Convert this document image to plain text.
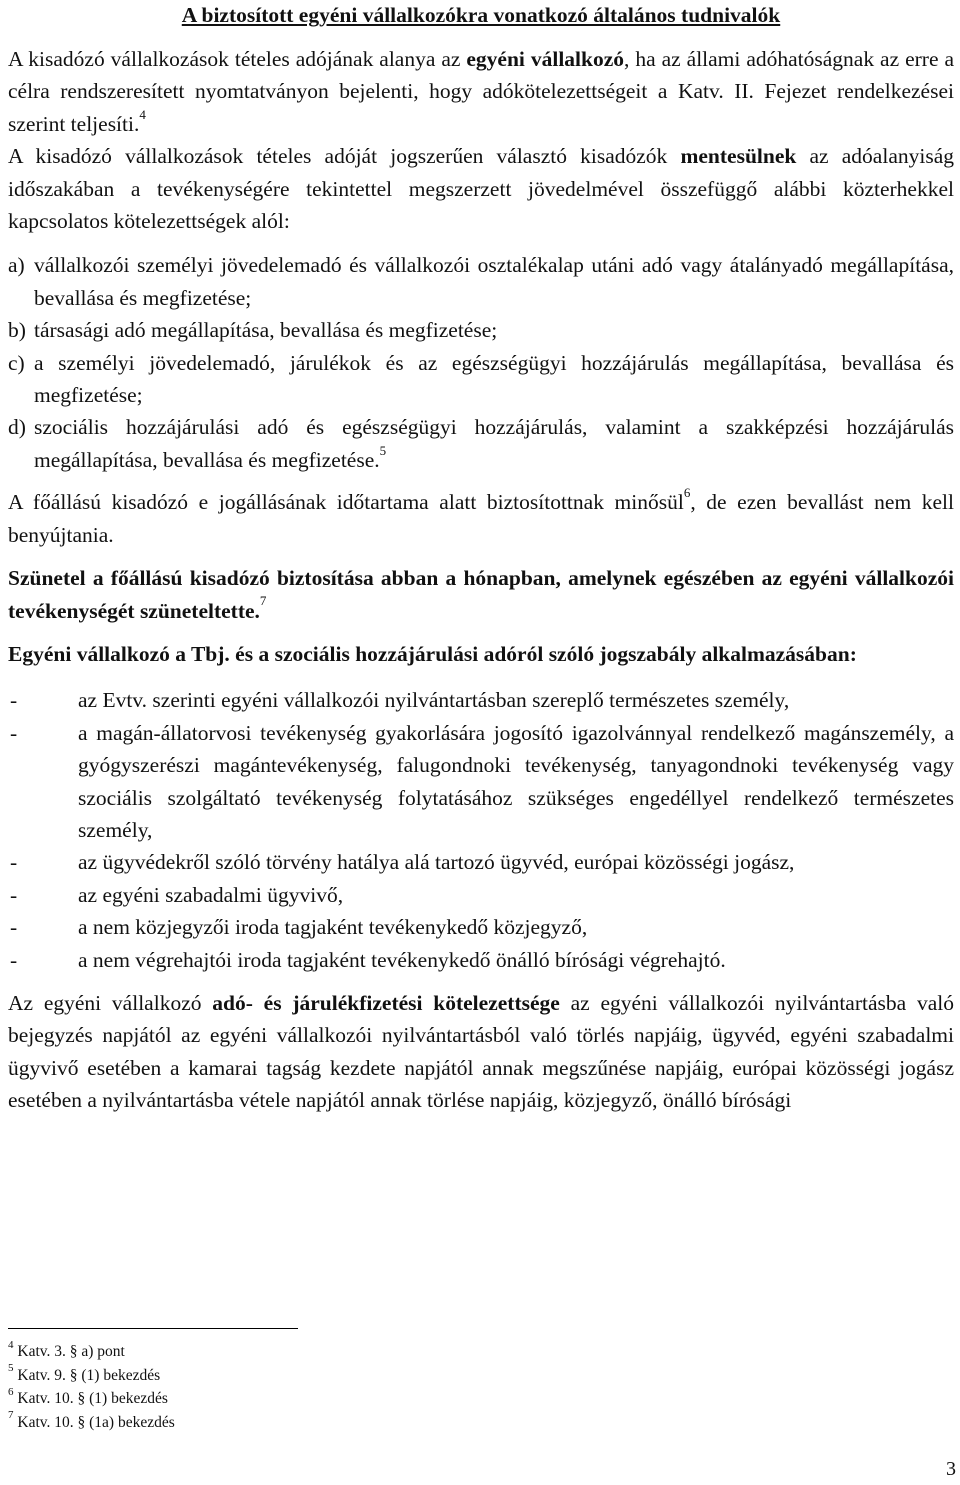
A biztosított egyéni vállalkozókra vonatkozó általános tudnivalók

A kisadózó vállalkozások tételes adójának alanya az egyéni vállalkozó, ha az állami adóhatóságnak az erre a célra rendszeresített nyomtatványon bejelenti, hogy adókötelezettségeit a Katv. II. Fejezet rendelkezései szerint teljesíti.$^4$

A kisadózó vállalkozások tételes adóját jogszerűen választó kisadózók mentesülnek az adóalanyiság időszakában a tevékenységére tekintettel megszerzett jövedelmével összefüggő alábbi közterhekkel kapcsolatos kötelezettségek alól:

a) vállalkozói személyi jövedelemadó és vállalkozói osztalékalap utáni adó vagy átalányadó megállapítása, bevallása és megfizetése;
b) társasági adó megállapítása, bevallása és megfizetése;
c) a személyi jövedelemadó, járulékok és az egészségügyi hozzájárulás megállapítása, bevallása és megfizetése;
d) szociális hozzájárulási adó és egészségügyi hozzájárulás, valamint a szakképzési hozzájárulás megállapítása, bevallása és megfizetése.$^5$

A főállású kisadózó e jogállásának időtartama alatt biztosítottnak minősül$^6$, de ezen bevallást nem kell benyújtania.

Szünetel a főállású kisadózó biztosítása abban a hónapban, amelynek egészében az egyéni vállalkozói tevékenységét szüneteltette.$^7$

Egyéni vállalkozó a Tbj. és a szociális hozzájárulási adóról szóló jogszabály alkalmazásában:

-	az Evtv. szerinti egyéni vállalkozói nyilvántartásban szereplő természetes személy,
-	a magán-állatorvosi tevékenység gyakorlására jogosító igazolvánnyal rendelkező magánszemély, a gyógyszerészi magántevékenység, falugondnoki tevékenység, tanyagondnoki tevékenység vagy szociális szolgáltató tevékenység folytatásához szükséges engedéllyel rendelkező természetes személy,
-	az ügyvédekről szóló törvény hatálya alá tartozó ügyvéd, európai közösségi jogász,
-	az egyéni szabadalmi ügyvivő,
-	a nem közjegyzői iroda tagjaként tevékenykedő közjegyző,
-	a nem végrehajtói iroda tagjaként tevékenykedő önálló bírósági végrehajtó.

Az egyéni vállalkozó adó- és járulékfizetési kötelezettsége az egyéni vállalkozói nyilvántartásba való bejegyzés napjától az egyéni vállalkozói nyilvántartásból való törlés napjáig, ügyvéd, egyéni szabadalmi ügyvivő esetében a kamarai tagság kezdete napjától annak megszűnése napjáig, európai közösségi jogász esetében a nyilvántartásba vétele napjától annak törlése napjáig, közjegyző, önálló bírósági

$^4$ Katv. 3. § a) pont
$^5$ Katv. 9. § (1) bekezdés
$^6$ Katv. 10. § (1) bekezdés
$^7$ Katv. 10. § (1a) bekezdés
3
